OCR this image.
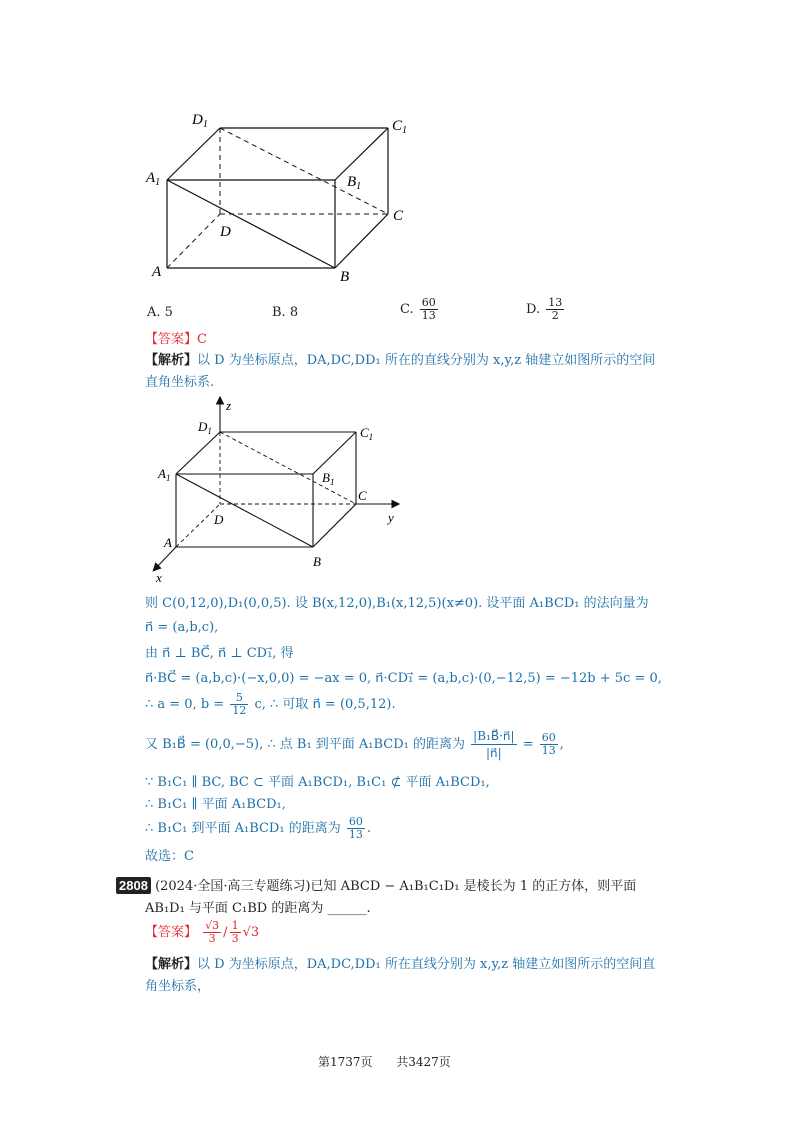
$D_1$	$C_1$
$A_1$	$B_1$
C
D
A	B
A. 5	B. 8	C. $\frac{60}{13}$	D. $\frac{13}{2}$
【答案】C
【解析】以 D 为坐标原点，DA,DC,DD₁ 所在的直线分别为 x,y,z 轴建立如图所示的空间
直角坐标系.
z
y
x
$D_1$	$C_1$
$A_1$	$B_1$
C
D
A
B
则 C(0,12,0),D₁(0,0,5). 设 B(x,12,0),B₁(x,12,5)(x≠0). 设平面 A₁BCD₁ 的法向量为
n⃗ = (a,b,c),
由 n⃗ ⊥ BC⃗, n⃗ ⊥ CD₁⃗, 得
n⃗·BC⃗ = (a,b,c)·(−x,0,0) = −ax = 0, n⃗·CD₁⃗ = (a,b,c)·(0,−12,5) = −12b + 5c = 0,
∴ a = 0, $b = \frac{5}{12} c$, ∴ 可取 n⃗ = (0,5,12).
又 B₁B⃗ = (0,0,−5), ∴ 点 B₁ 到平面 A₁BCD₁ 的距离为 $\frac{\text{|B₁B⃗·n⃗|}}{|n⃗|} = \frac{60}{13}$ ,
∵ B₁C₁ ∥ BC, BC ⊂ 平面 A₁BCD₁, B₁C₁ ⊄ 平面 A₁BCD₁,
∴ B₁C₁ ∥ 平面 A₁BCD₁,
∴ B₁C₁ 到平面 A₁BCD₁ 的距离为 $\frac{60}{13}$ .
故选：C
2808 (2024·全国·高三专题练习)已知 ABCD − A₁B₁C₁D₁ 是棱长为 1 的正方体，则平面
AB₁D₁ 与平面 C₁BD 的距离为 ______.
【答案】 $\frac{√3}{3} / \frac{1}{3} √3$
【解析】以 D 为坐标原点，DA,DC,DD₁ 所在直线分别为 x,y,z 轴建立如图所示的空间直
角坐标系，
第1737页 共3427页
